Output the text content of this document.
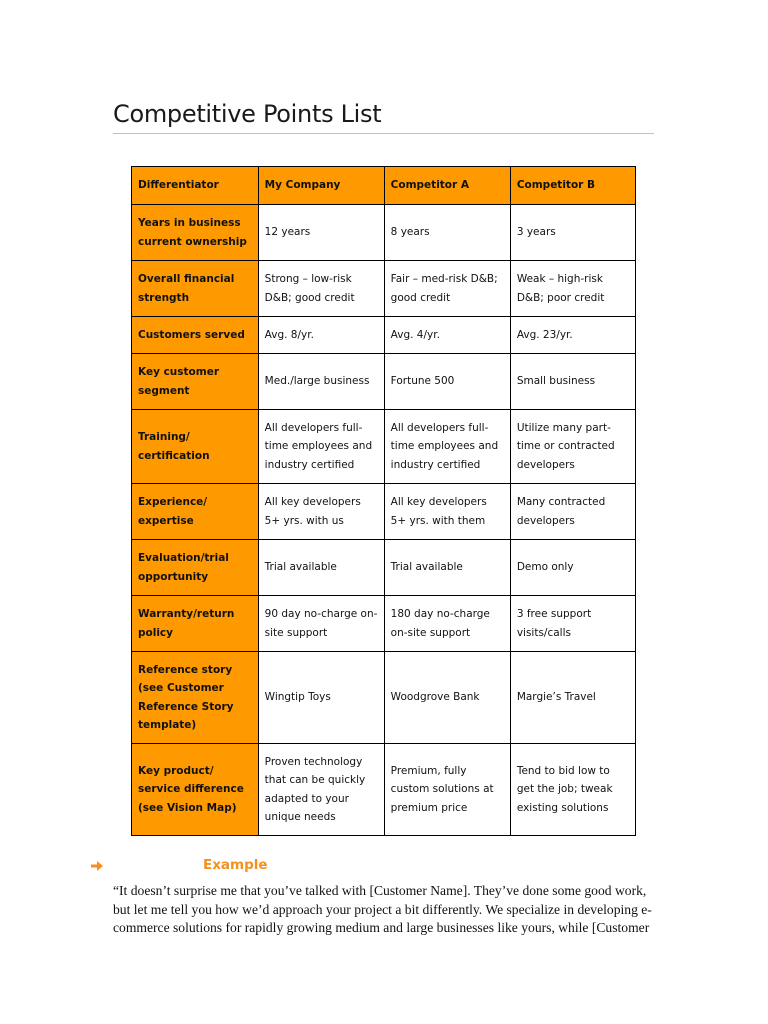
Competitive Points List
Differentiator	My Company	Competitor A	Competitor B
Years in business current ownership	12 years	8 years	3 years
Overall financial strength	Strong – low-risk D&B; good credit	Fair – med-risk D&B; good credit	Weak – high-risk D&B; poor credit
Customers served	Avg. 8/yr.	Avg. 4/yr.	Avg. 23/yr.
Key customer segment	Med./large business	Fortune 500	Small business
Training/ certification	All developers full-time employees and industry certified	All developers full-time employees and industry certified	Utilize many part-time or contracted developers
Experience/ expertise	All key developers 5+ yrs. with us	All key developers 5+ yrs. with them	Many contracted developers
Evaluation/trial opportunity	Trial available	Trial available	Demo only
Warranty/return policy	90 day no-charge on-site support	180 day no-charge on-site support	3 free support visits/calls
Reference story (see Customer Reference Story template)	Wingtip Toys	Woodgrove Bank	Margie’s Travel
Key product/ service difference (see Vision Map)	Proven technology that can be quickly adapted to your unique needs	Premium, fully custom solutions at premium price	Tend to bid low to get the job; tweak existing solutions
Example

“It doesn’t surprise me that you’ve talked with [Customer Name]. They’ve done some good work, but let me tell you how we’d approach your project a bit differently. We specialize in developing e-commerce solutions for rapidly growing medium and large businesses like yours, while [Customer
